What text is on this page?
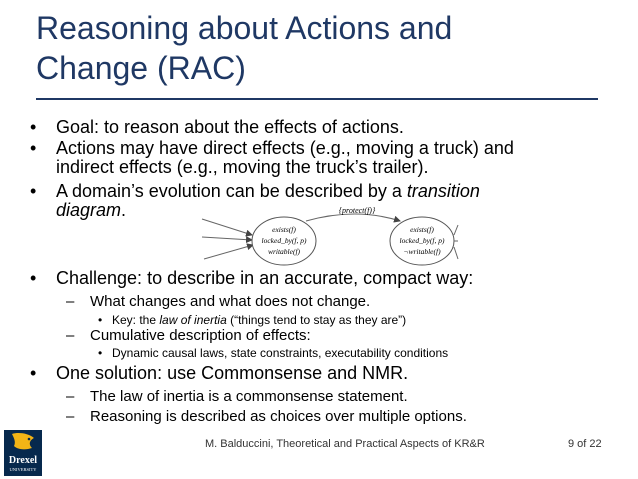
Reasoning about Actions and
Change (RAC)
• Goal: to reason about the effects of actions.
• Actions may have direct effects (e.g., moving a truck) and
indirect effects (e.g., moving the truck’s trailer).
• A domain’s evolution can be described by a transition
diagram.
exists(f)
locked_by(f, p)
writable(f)
{protect(f)}
exists(f)
locked_by(f, p)
¬writable(f)
• Challenge: to describe in an accurate, compact way:
– What changes and what does not change.
• Key: the law of inertia (“things tend to stay as they are”)
– Cumulative description of effects:
• Dynamic causal laws, state constraints, executability conditions
• One solution: use Commonsense and NMR.
– The law of inertia is a commonsense statement.
– Reasoning is described as choices over multiple options.
M. Balduccini, Theoretical and Practical Aspects of KR&R	9 of 22
Drexel
UNIVERSITY
